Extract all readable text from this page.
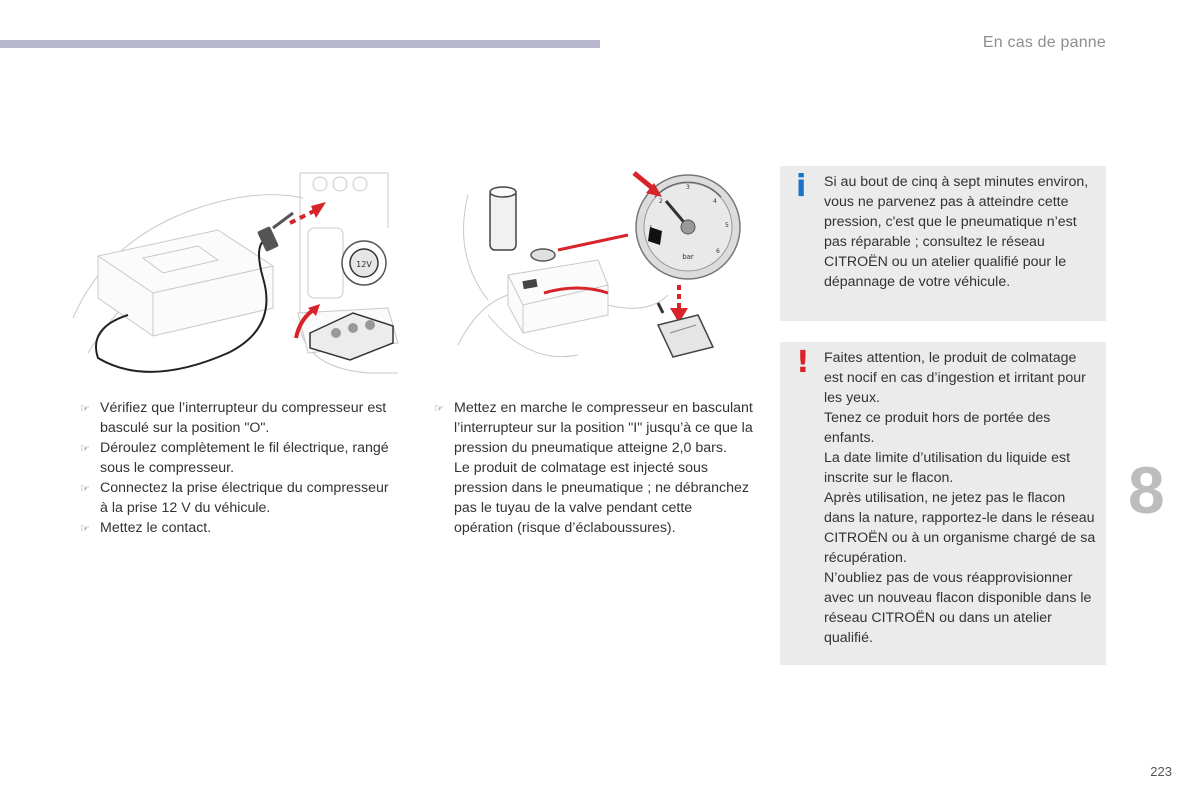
En cas de panne
12V
2
3
4
5
6
bar
☞ Vérifiez que l’interrupteur du compresseur est basculé sur la position "O".
☞ Déroulez complètement le fil électrique, rangé sous le compresseur.
☞ Connectez la prise électrique du compresseur à la prise 12 V du véhicule.
☞ Mettez le contact.
☞ Mettez en marche le compresseur en basculant l’interrupteur sur la position "I" jusqu’à ce que la pression du pneumatique atteigne 2,0 bars.
Le produit de colmatage est injecté sous pression dans le pneumatique ; ne débranchez pas le tuyau de la valve pendant cette opération (risque d’éclaboussures).
i Si au bout de cinq à sept minutes environ, vous ne parvenez pas à atteindre cette pression, c'est que le pneumatique n’est pas réparable ; consultez le réseau CITROËN ou un atelier qualifié pour le dépannage de votre véhicule.
! Faites attention, le produit de colmatage est nocif en cas d’ingestion et irritant pour les yeux.
Tenez ce produit hors de portée des enfants.
La date limite d’utilisation du liquide est inscrite sur le flacon.
Après utilisation, ne jetez pas le flacon dans la nature, rapportez-le dans le réseau CITROËN ou à un organisme chargé de sa récupération.
N’oubliez pas de vous réapprovisionner avec un nouveau flacon disponible dans le réseau CITROËN ou dans un atelier qualifié.
8
223
